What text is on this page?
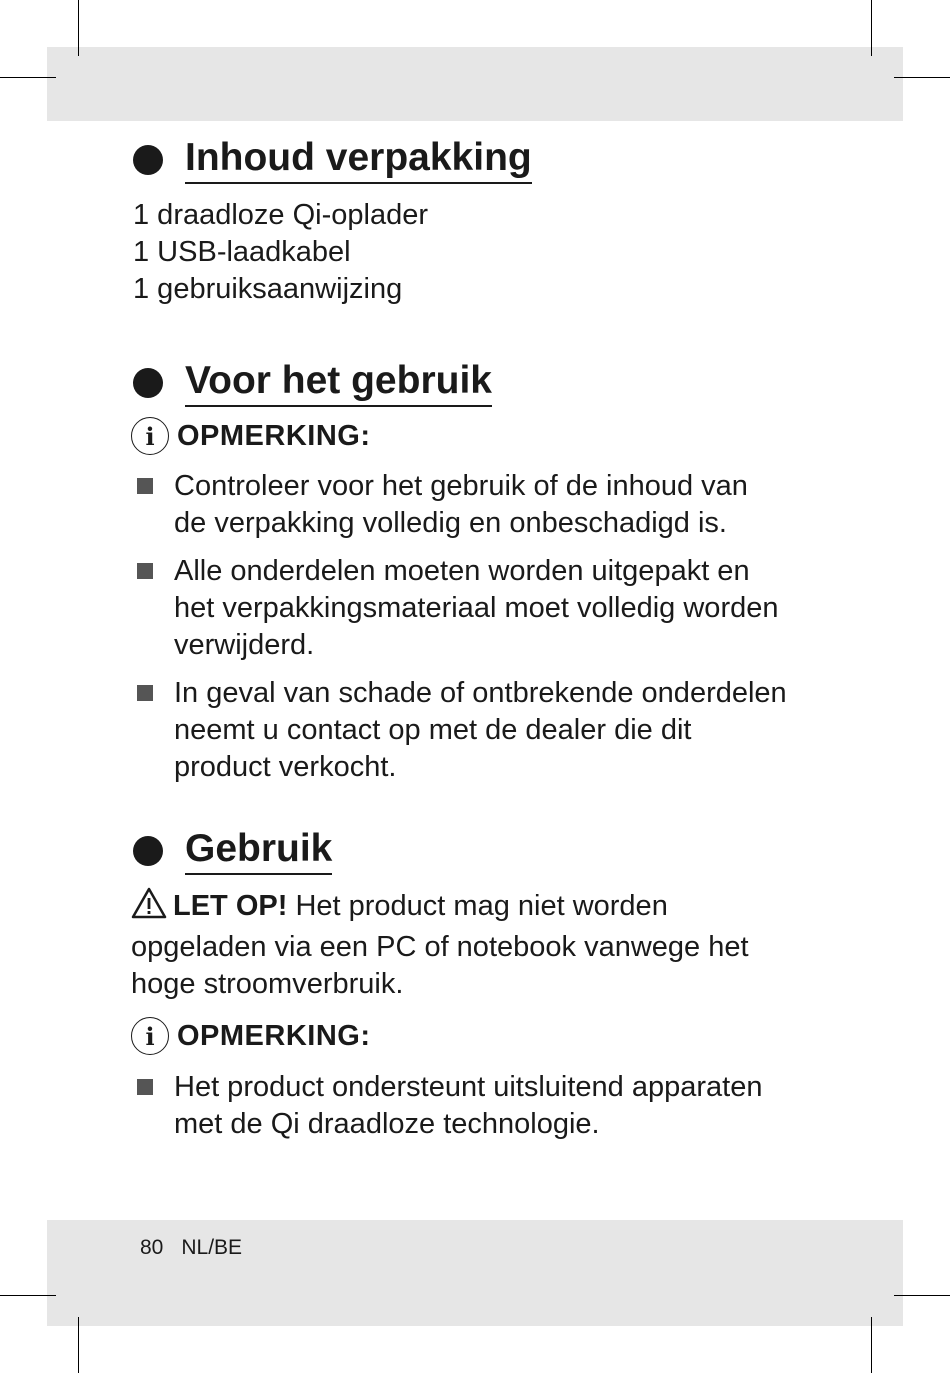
Inhoud verpakking
1 draadloze Qi-oplader
1 USB-laadkabel
1 gebruiksaanwijzing
Voor het gebruik
i OPMERKING:
Controleer voor het gebruik of de inhoud van
de verpakking volledig en onbeschadigd is.
Alle onderdelen moeten worden uitgepakt en
het verpakkingsmateriaal moet volledig worden
verwijderd.
In geval van schade of ontbrekende onderdelen
neemt u contact op met de dealer die dit
product verkocht.
Gebruik
LET OP! Het product mag niet worden
opgeladen via een PC of notebook vanwege het
hoge stroomverbruik.
i OPMERKING:
Het product ondersteunt uitsluitend apparaten
met de Qi draadloze technologie.
80 NL/BE
